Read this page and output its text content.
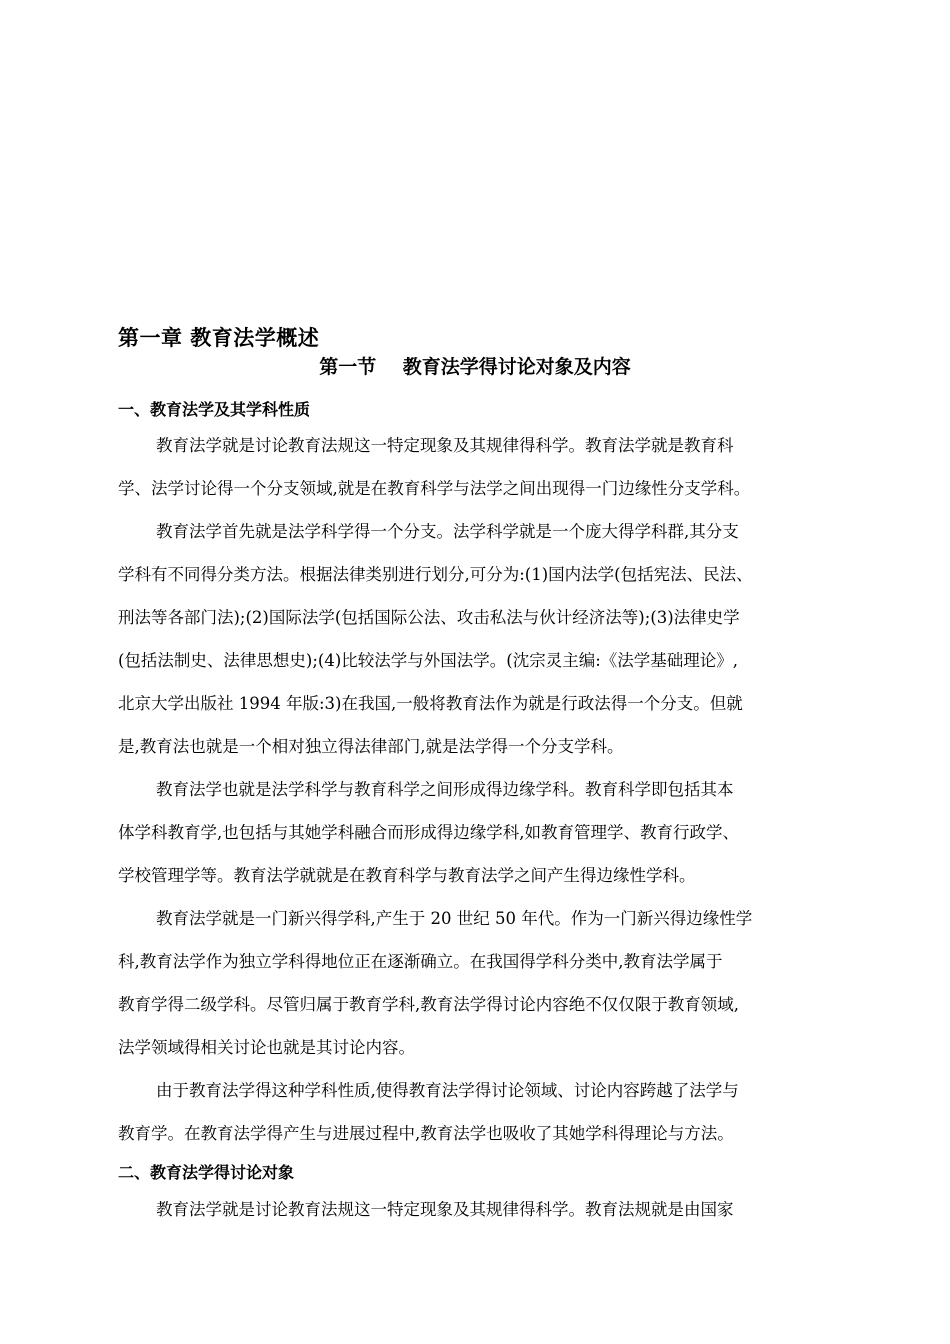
第一章 教育法学概述
第一节    教育法学得讨论对象及内容
一、教育法学及其学科性质
教育法学就是讨论教育法规这一特定现象及其规律得科学。教育法学就是教育科
学、法学讨论得一个分支领域,就是在教育科学与法学之间出现得一门边缘性分支学科。
教育法学首先就是法学科学得一个分支。法学科学就是一个庞大得学科群,其分支
学科有不同得分类方法。根据法律类别进行划分,可分为:(1)国内法学(包括宪法、民法、
刑法等各部门法);(2)国际法学(包括国际公法、攻击私法与伙计经济法等);(3)法律史学
(包括法制史、法律思想史);(4)比较法学与外国法学。(沈宗灵主编:《法学基础理论》,
北京大学出版社 1994 年版:3)在我国,一般将教育法作为就是行政法得一个分支。但就
是,教育法也就是一个相对独立得法律部门,就是法学得一个分支学科。
教育法学也就是法学科学与教育科学之间形成得边缘学科。教育科学即包括其本
体学科教育学,也包括与其她学科融合而形成得边缘学科,如教育管理学、教育行政学、
学校管理学等。教育法学就就是在教育科学与教育法学之间产生得边缘性学科。
教育法学就是一门新兴得学科,产生于 20 世纪 50 年代。作为一门新兴得边缘性学
科,教育法学作为独立学科得地位正在逐渐确立。在我国得学科分类中,教育法学属于
教育学得二级学科。尽管归属于教育学科,教育法学得讨论内容绝不仅仅限于教育领域,
法学领域得相关讨论也就是其讨论内容。
由于教育法学得这种学科性质,使得教育法学得讨论领域、讨论内容跨越了法学与
教育学。在教育法学得产生与进展过程中,教育法学也吸收了其她学科得理论与方法。
二、教育法学得讨论对象
教育法学就是讨论教育法规这一特定现象及其规律得科学。教育法规就是由国家
